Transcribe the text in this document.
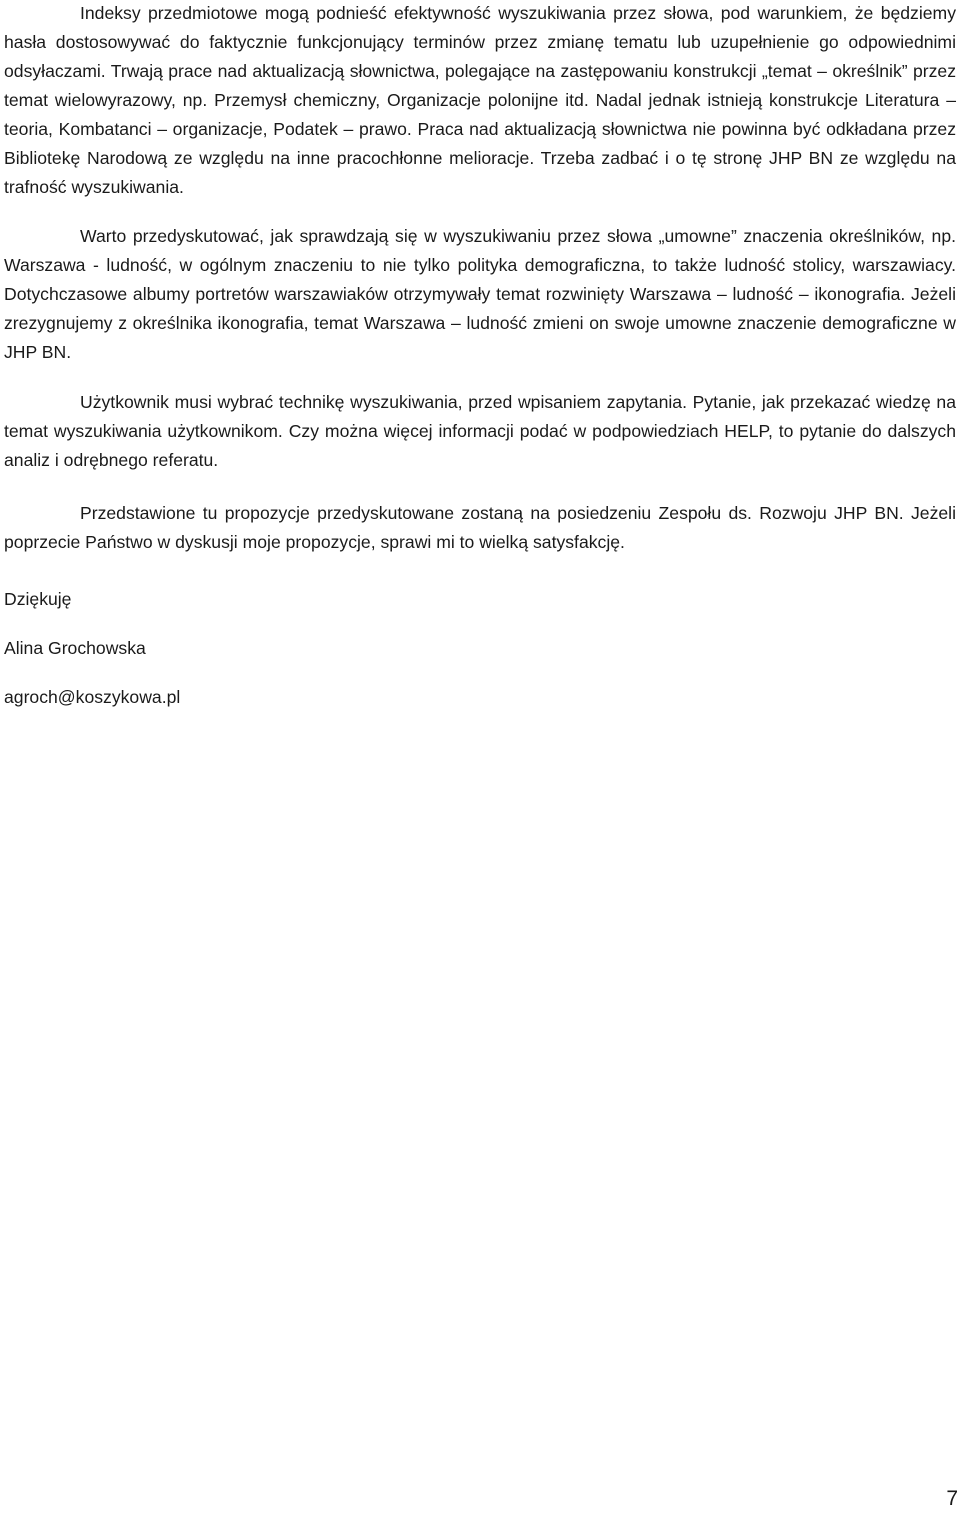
Indeksy przedmiotowe mogą podnieść efektywność wyszukiwania przez słowa, pod warunkiem, że będziemy hasła dostosowywać do faktycznie funkcjonujący terminów przez zmianę tematu lub uzupełnienie go odpowiednimi odsyłaczami. Trwają prace nad aktualizacją słownictwa, polegające na zastępowaniu konstrukcji „temat – określnik” przez temat wielowyrazowy, np. Przemysł chemiczny, Organizacje polonijne itd. Nadal jednak istnieją konstrukcje Literatura – teoria, Kombatanci – organizacje, Podatek – prawo. Praca nad aktualizacją słownictwa nie powinna być odkładana przez Bibliotekę Narodową ze względu na inne pracochłonne melioracje. Trzeba zadbać i o tę stronę JHP BN ze względu na trafność wyszukiwania.

Warto przedyskutować, jak sprawdzają się w wyszukiwaniu przez słowa „umowne” znaczenia określników, np. Warszawa - ludność, w ogólnym znaczeniu to nie tylko polityka demograficzna, to także ludność stolicy, warszawiacy. Dotychczasowe albumy portretów warszawiaków otrzymywały temat rozwinięty Warszawa – ludność – ikonografia. Jeżeli zrezygnujemy z określnika ikonografia, temat Warszawa – ludność zmieni on swoje umowne znaczenie demograficzne w JHP BN.

Użytkownik musi wybrać technikę wyszukiwania, przed wpisaniem zapytania. Pytanie, jak przekazać wiedzę na temat wyszukiwania użytkownikom. Czy można więcej informacji podać w podpowiedziach HELP, to pytanie do dalszych analiz i odrębnego referatu.

Przedstawione tu propozycje przedyskutowane zostaną na posiedzeniu Zespołu ds. Rozwoju JHP BN. Jeżeli poprzecie Państwo w dyskusji moje propozycje, sprawi mi to wielką satysfakcję.

Dziękuję

Alina Grochowska

agroch@koszykowa.pl

7
